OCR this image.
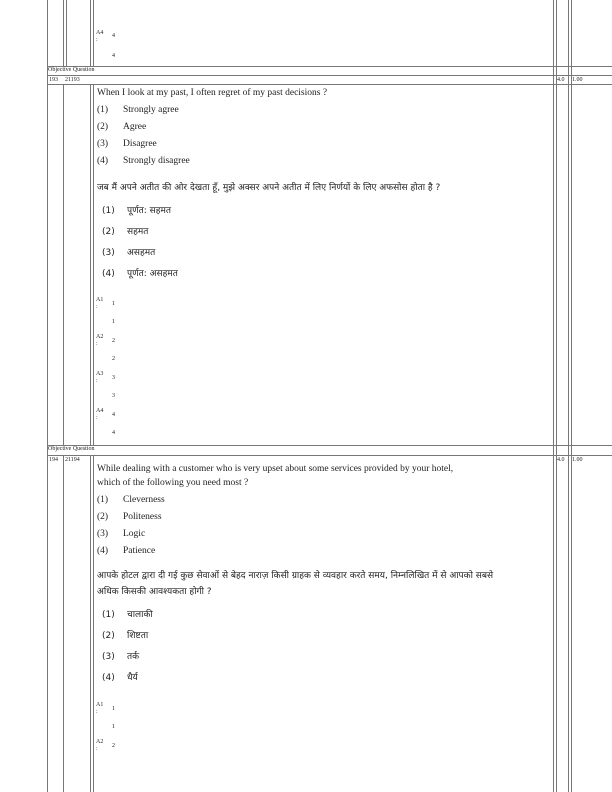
A4
:
4
4
Objective Question
193 21193	4.0 1.00
When I look at my past, I often regret of my past decisions ?
(1) Strongly agree
(2) Agree
(3) Disagree
(4) Strongly disagree
जब मैं अपने अतीत की ओर देखता हूँ, मुझे अक्सर अपने अतीत में लिए निर्णयों के लिए अफसोस होता है ?
(1) पूर्णत: सहमत
(2) सहमत
(3) असहमत
(4) पूर्णत: असहमत
A1
:	1
1
A2
:	2
2
A3
:	3
3
A4
:	4
4
Objective Question
194 21194	4.0 1.00
While dealing with a customer who is very upset about some services provided by your hotel,
which of the following you need most ?
(1) Cleverness
(2) Politeness
(3) Logic
(4) Patience
आपके होटल द्वारा दी गई कुछ सेवाओं से बेहद नाराज़ किसी ग्राहक से व्यवहार करते समय, निम्नलिखित में से आपको सबसे
अधिक किसकी आवश्यकता होगी ?
(1) चालाकी
(2) शिष्टता
(3) तर्क
(4) धैर्य
A1
:	1
1
A2
:	2
